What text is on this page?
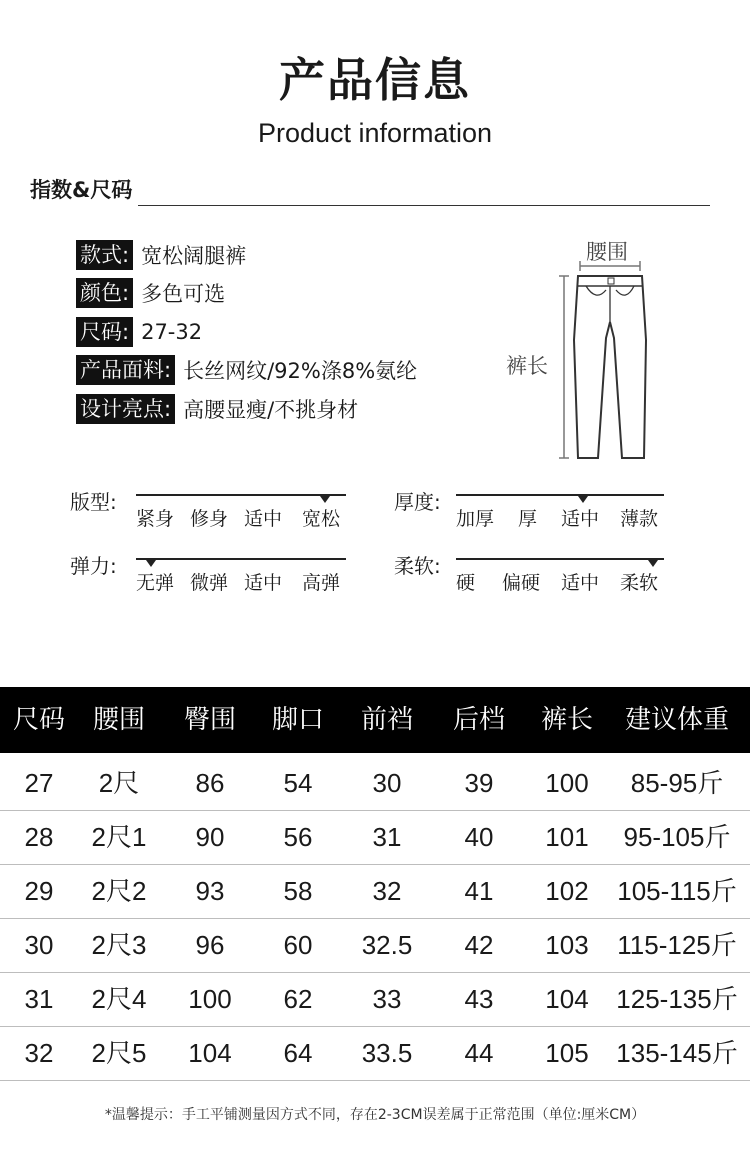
产品信息
Product information
指数&尺码
款式: 宽松阔腿裤
颜色: 多色可选
尺码: 27-32
产品面料: 长丝网纹/92%涤8%氨纶
设计亮点: 高腰显瘦/不挑身材
腰围
裤长
版型:
紧身 修身 适中 宽松
厚度:
加厚 厚 适中 薄款
弹力:
无弹 微弹 适中 高弹
柔软:
硬 偏硬 适中 柔软
尺码	腰围	臀围	脚口	前裆	后档	裤长	建议体重
27	2尺	86	54	30	39	100	85-95斤
28	2尺1	90	56	31	40	101	95-105斤
29	2尺2	93	58	32	41	102	105-115斤
30	2尺3	96	60	32.5	42	103	115-125斤
31	2尺4	100	62	33	43	104	125-135斤
32	2尺5	104	64	33.5	44	105	135-145斤
*温馨提示：手工平铺测量因方式不同，存在2-3CM误差属于正常范围（单位:厘米CM）
